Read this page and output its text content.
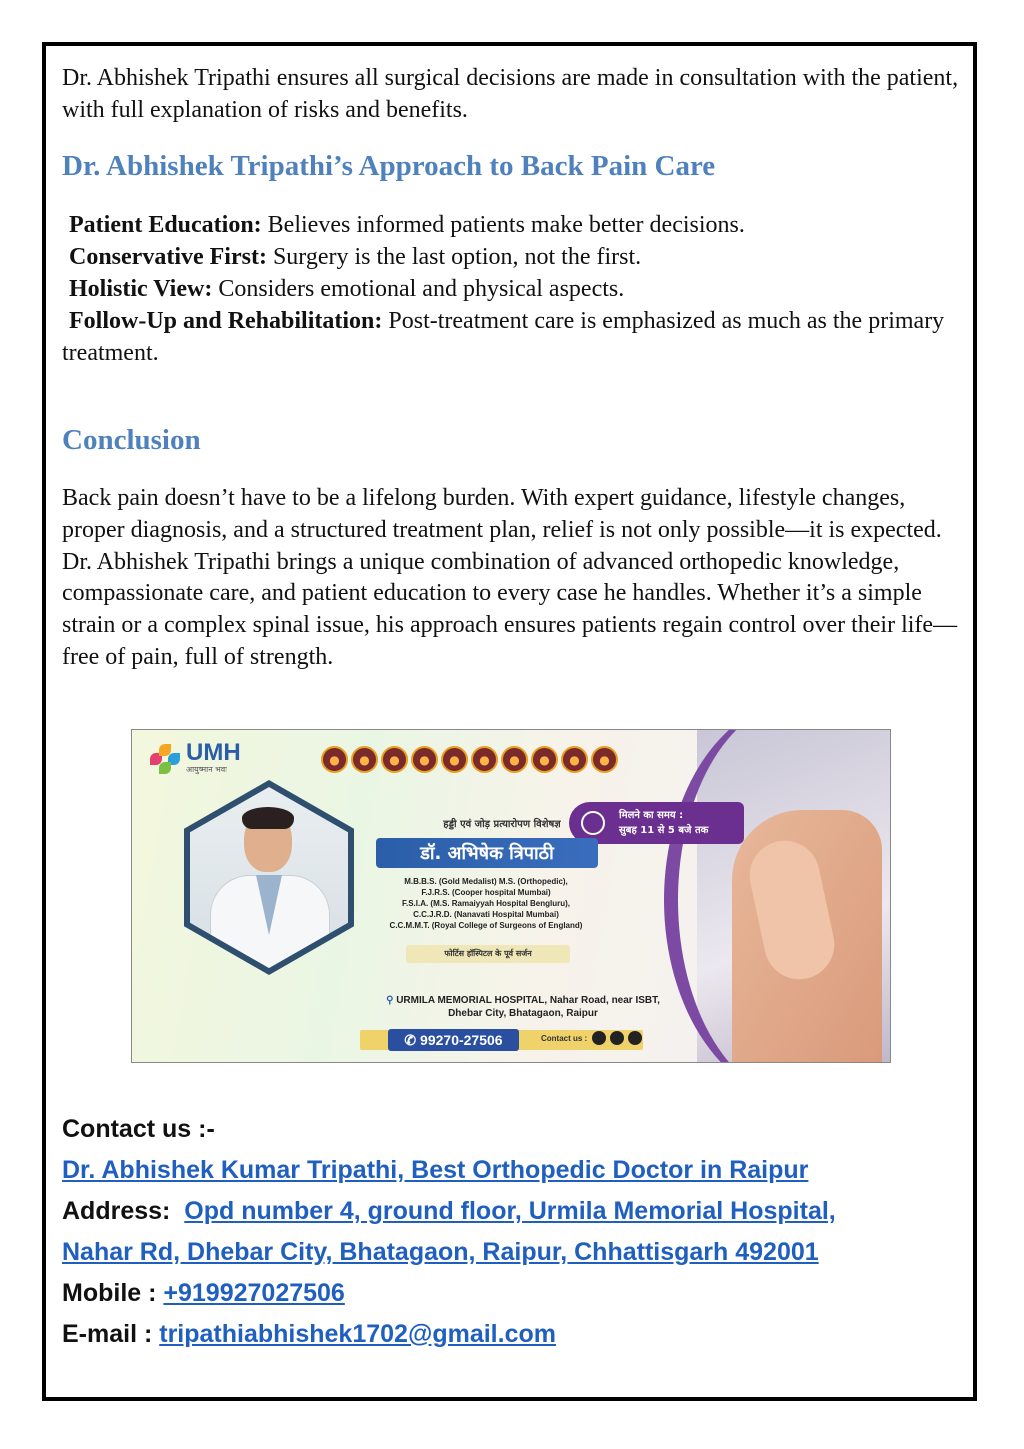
Dr. Abhishek Tripathi ensures all surgical decisions are made in consultation with the patient, with full explanation of risks and benefits.

Dr. Abhishek Tripathi’s Approach to Back Pain Care
Patient Education: Believes informed patients make better decisions.
Conservative First: Surgery is the last option, not the first.
Holistic View: Considers emotional and physical aspects.
Follow-Up and Rehabilitation: Post-treatment care is emphasized as much as the primary treatment.
Conclusion

Back pain doesn’t have to be a lifelong burden. With expert guidance, lifestyle changes, proper diagnosis, and a structured treatment plan, relief is not only possible—it is expected. Dr. Abhishek Tripathi brings a unique combination of advanced orthopedic knowledge, compassionate care, and patient education to every case he handles. Whether it’s a simple strain or a complex spinal issue, his approach ensures patients regain control over their life—free of pain, full of strength.

UMH
आयुष्मान भवः
●	●	●	●	●	●	●	●	●	●
मिलने का समय :
सुबह 11 से 5 बजे तक
हड्डी एवं जोड़ प्रत्यारोपण विशेषज्ञ
डॉ. अभिषेक त्रिपाठी
M.B.B.S. (Gold Medalist) M.S. (Orthopedic),
F.J.R.S. (Cooper hospital Mumbai)
F.S.I.A. (M.S. Ramaiyyah Hospital Bengluru),
C.C.J.R.D. (Nanavati Hospital Mumbai)
C.C.M.M.T. (Royal College of Surgeons of England)
फोर्टिस हॉस्पिटल के पूर्व सर्जन
⚲ URMILA MEMORIAL HOSPITAL, Nahar Road, near ISBT,
Dhebar City, Bhatagaon, Raipur
✆ 99270-27506	Contact us :
Contact us :-
Dr. Abhishek Kumar Tripathi, Best Orthopedic Doctor in Raipur
Address: Opd number 4, ground floor, Urmila Memorial Hospital,
Nahar Rd, Dhebar City, Bhatagaon, Raipur, Chhattisgarh 492001
Mobile : +919927027506
E-mail : tripathiabhishek1702@gmail.com
